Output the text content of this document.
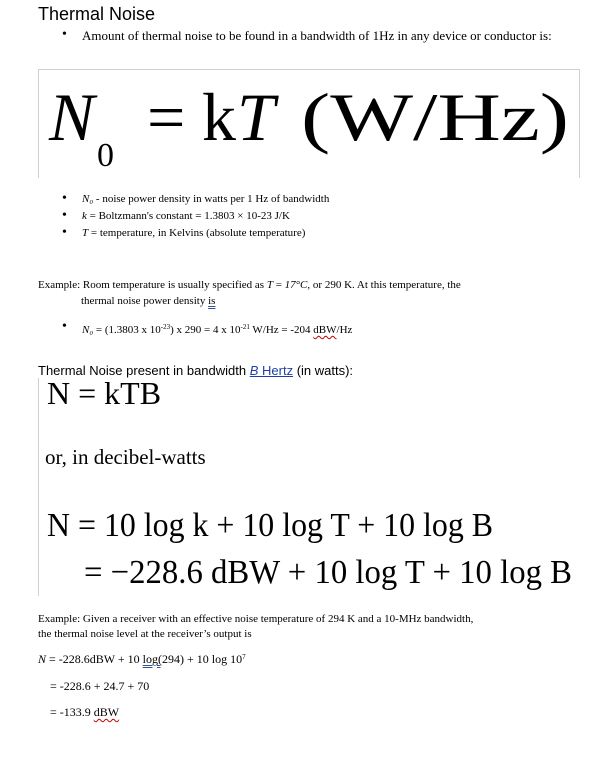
Thermal Noise
• Amount of thermal noise to be found in a bandwidth of 1Hz in any device or conductor is:
N
0
= k T (W/Hz)
• N₀ - noise power density in watts per 1 Hz of bandwidth
• k = Boltzmann's constant = 1.3803 × 10-23 J/K
• T = temperature, in Kelvins (absolute temperature)
Example: Room temperature is usually specified as T = 17°C, or 290 K. At this temperature, the
thermal noise power density is
• N₀ = (1.3803 x $10^{-23}$) x 290 = 4 x $10^{-21}$ W/Hz = -204 dBW/Hz
Thermal Noise present in bandwidth B Hertz (in watts):
N = kTB
or, in decibel-watts
N = 10 log k + 10 log T + 10 log B
= −228.6 dBW + 10 log T + 10 log B
Example: Given a receiver with an effective noise temperature of 294 K and a 10-MHz bandwidth,
the thermal noise level at the receiver’s output is
N = -228.6dBW + 10 log(294) + 10 $\log 10^7$
= -228.6 + 24.7 + 70
= -133.9 dBW
